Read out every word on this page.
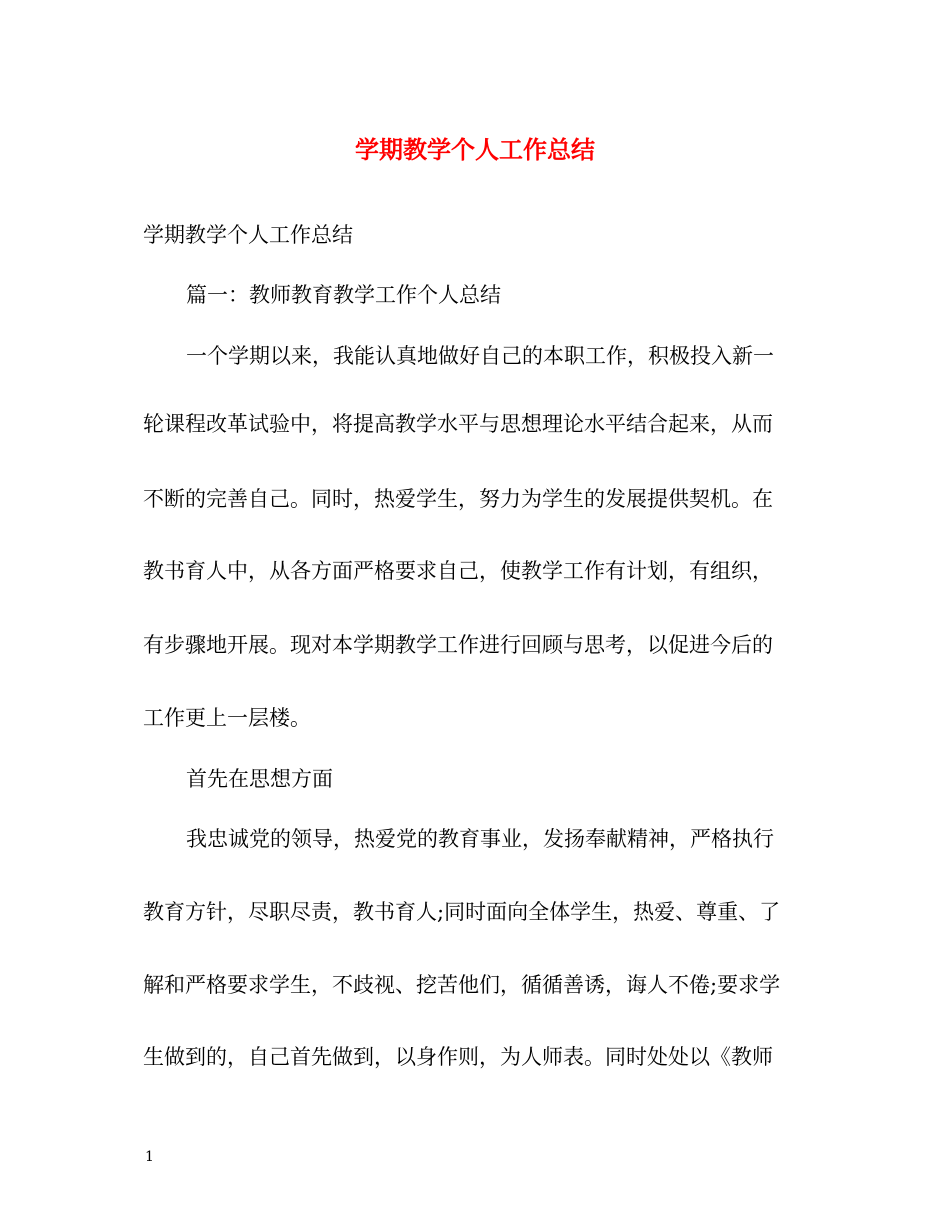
学期教学个人工作总结

学期教学个人工作总结

篇一：教师教育教学工作个人总结

一个学期以来，我能认真地做好自己的本职工作，积极投入新一

轮课程改革试验中，将提高教学水平与思想理论水平结合起来，从而

不断的完善自己。同时，热爱学生，努力为学生的发展提供契机。在

教书育人中，从各方面严格要求自己，使教学工作有计划，有组织，

有步骤地开展。现对本学期教学工作进行回顾与思考，以促进今后的

工作更上一层楼。

首先在思想方面

我忠诚党的领导，热爱党的教育事业，发扬奉献精神，严格执行

教育方针，尽职尽责，教书育人;同时面向全体学生，热爱、尊重、了

解和严格要求学生，不歧视、挖苦他们，循循善诱，诲人不倦;要求学

生做到的，自己首先做到，以身作则，为人师表。同时处处以《教师

1
